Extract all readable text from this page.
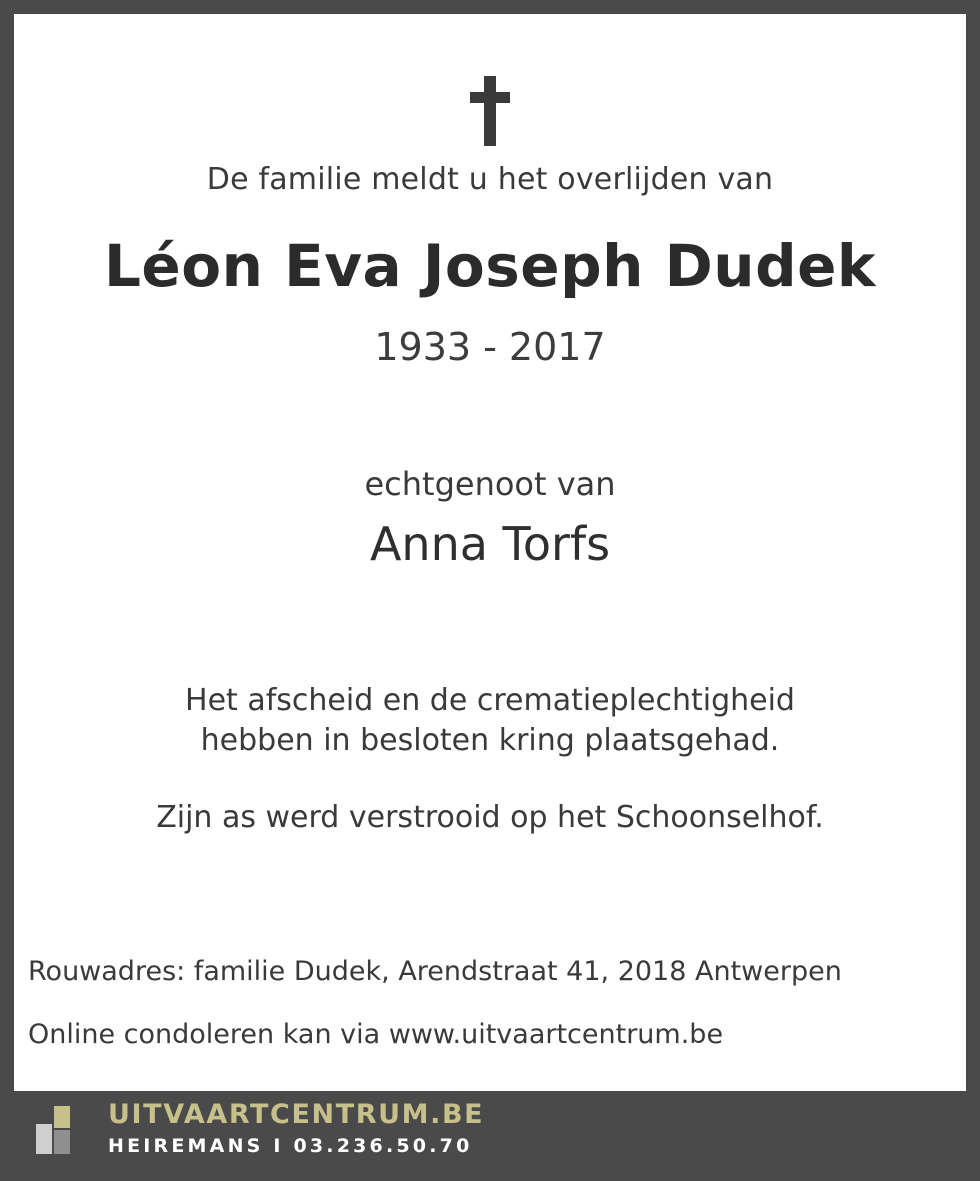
De familie meldt u het overlijden van
Léon Eva Joseph Dudek
1933 - 2017
echtgenoot van
Anna Torfs
Het afscheid en de crematieplechtigheid
hebben in besloten kring plaatsgehad.
Zijn as werd verstrooid op het Schoonselhof.
Rouwadres: familie Dudek, Arendstraat 41, 2018 Antwerpen
Online condoleren kan via www.uitvaartcentrum.be
UITVAARTCENTRUM.BE
HEIREMANS I 03.236.50.70
